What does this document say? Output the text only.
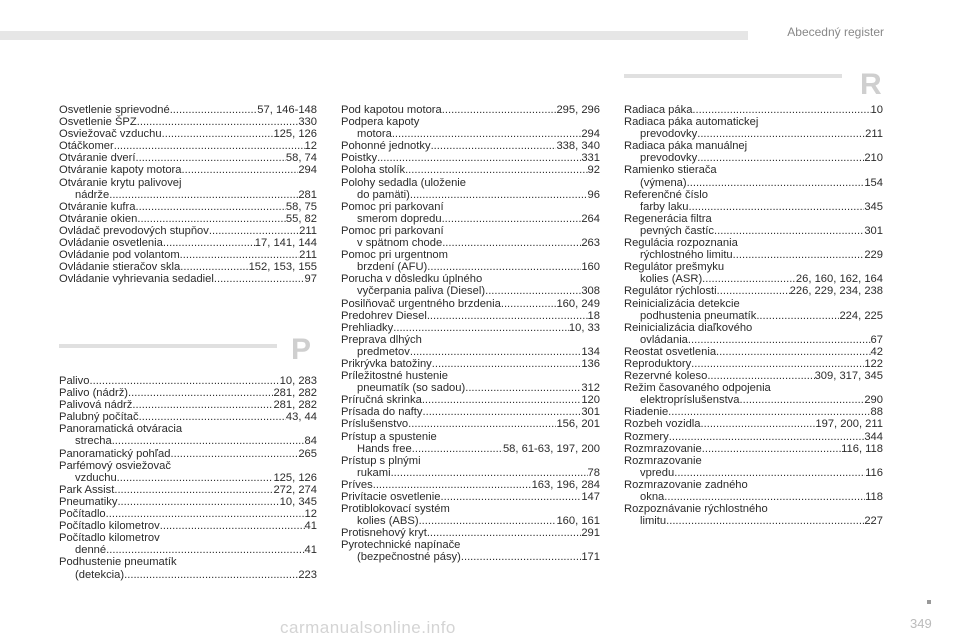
Abecedný register
P
R
Osvetlenie sprievodné .....	57, 146-148
Osvetlenie ŠPZ .....	330
Osviežovač vzduchu .....	125, 126
Otáčkomer .....	12
Otváranie dverí .....	58, 74
Otváranie kapoty motora .....	294
Otváranie krytu palivovej
nádrže .....	281
Otváranie kufra .....	58, 75
Otváranie okien .....	55, 82
Ovládač prevodových stupňov .....	211
Ovládanie osvetlenia .....	17, 141, 144
Ovládanie pod volantom .....	211
Ovládanie stieračov skla .....	152, 153, 155
Ovládanie vyhrievania sedadiel .....	97
Palivo .....	10, 283
Palivo (nádrž) .....	281, 282
Palivová nádrž .....	281, 282
Palubný počítač .....	43, 44
Panoramatická otváracia
strecha .....	84
Panoramatický pohľad .....	265
Parfémový osviežovač
vzduchu .....	125, 126
Park Assist .....	272, 274
Pneumatiky .....	10, 345
Počítadlo .....	12
Počítadlo kilometrov .....	41
Počítadlo kilometrov
denné .....	41
Podhustenie pneumatík
(detekcia) .....	223
Pod kapotou motora .....	295, 296
Podpera kapoty
motora .....	294
Pohonné jednotky .....	338, 340
Poistky .....	331
Poloha stolík .....	92
Polohy sedadla (uloženie
do pamäti) .....	96
Pomoc pri parkovaní
smerom dopredu .....	264
Pomoc pri parkovaní
v spätnom chode .....	263
Pomoc pri urgentnom
brzdení (AFU) .....	160
Porucha v dôsledku úplného
vyčerpania paliva (Diesel) .....	308
Posilňovač urgentného brzdenia .....	160, 249
Predohrev Diesel .....	18
Prehliadky .....	10, 33
Preprava dlhých
predmetov .....	134
Prikrývka batožiny .....	136
Príležitostné hustenie
pneumatík (so sadou) .....	312
Príručná skrinka .....	120
Prísada do nafty .....	301
Príslušenstvo .....	156, 201
Prístup a spustenie
Hands free .....	58, 61-63, 197, 200
Prístup s plnými
rukami .....	78
Príves .....	163, 196, 284
Privítacie osvetlenie .....	147
Protiblokovací systém
kolies (ABS) .....	160, 161
Protisnehový kryt .....	291
Pyrotechnické napínače
(bezpečnostné pásy) .....	171
Radiaca páka .....	10
Radiaca páka automatickej
prevodovky .....	211
Radiaca páka manuálnej
prevodovky .....	210
Ramienko stierača
(výmena) .....	154
Referenčné číslo
farby laku .....	345
Regenerácia filtra
pevných častíc .....	301
Regulácia rozpoznania
rýchlostného limitu .....	229
Regulátor prešmyku
kolies (ASR) .....	26, 160, 162, 164
Regulátor rýchlosti .....	226, 229, 234, 238
Reinicializácia detekcie
podhustenia pneumatík .....	224, 225
Reinicializácia diaľkového
ovládania .....	67
Reostat osvetlenia .....	42
Reproduktory .....	122
Rezervné koleso .....	309, 317, 345
Režim časovaného odpojenia
elektropríslušenstva .....	290
Riadenie .....	88
Rozbeh vozidla .....	197, 200, 211
Rozmery .....	344
Rozmrazovanie .....	116, 118
Rozmrazovanie
vpredu .....	116
Rozmrazovanie zadného
okna .....	118
Rozpoznávanie rýchlostného
limitu .....	227
349
carmanualsonline.info
